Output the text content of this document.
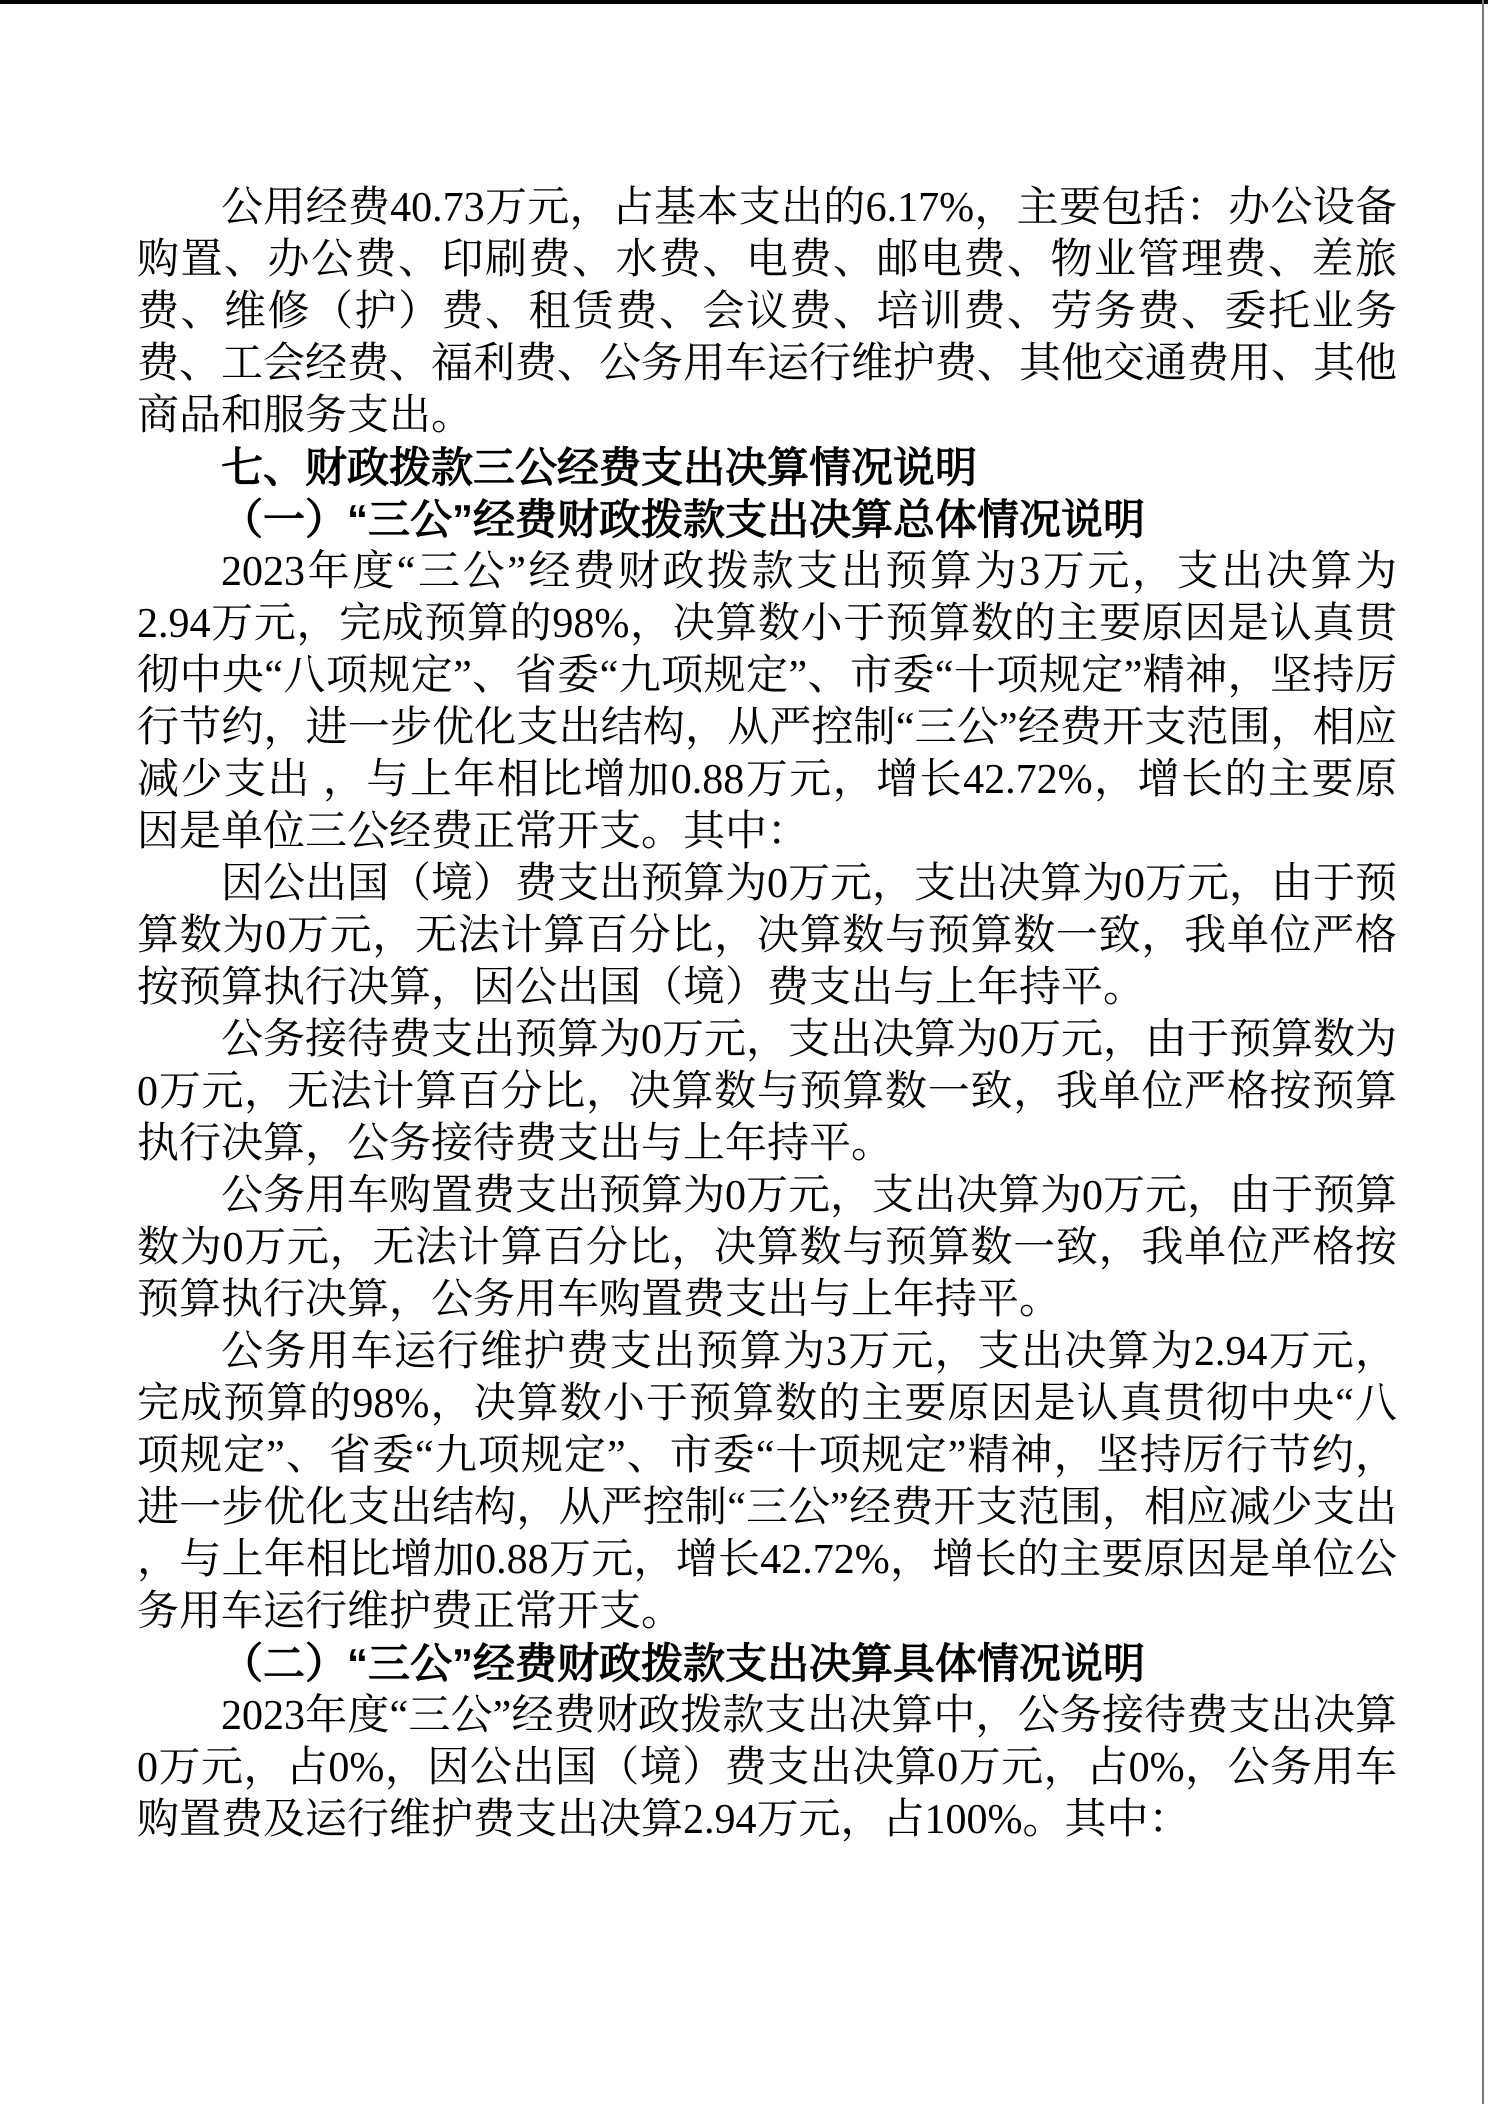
公用经费40.73万元，占基本支出的6.17%，主要包括：办公设备购置、办公费、印刷费、水费、电费、邮电费、物业管理费、差旅费、维修（护）费、租赁费、会议费、培训费、劳务费、委托业务费、工会经费、福利费、公务用车运行维护费、其他交通费用、其他商品和服务支出。

七、财政拨款三公经费支出决算情况说明

（一）“三公”经费财政拨款支出决算总体情况说明

2023年度“三公”经费财政拨款支出预算为3万元，支出决算为2.94万元，完成预算的98%，决算数小于预算数的主要原因是认真贯彻中央“八项规定”、省委“九项规定”、市委“十项规定”精神，坚持厉行节约，进一步优化支出结构，从严控制“三公”经费开支范围，相应减少支出 ，与上年相比增加0.88万元，增长42.72%，增长的主要原因是单位三公经费正常开支。其中：

因公出国（境）费支出预算为0万元，支出决算为0万元，由于预算数为0万元，无法计算百分比，决算数与预算数一致，我单位严格按预算执行决算，因公出国（境）费支出与上年持平。

公务接待费支出预算为0万元，支出决算为0万元，由于预算数为0万元，无法计算百分比，决算数与预算数一致，我单位严格按预算执行决算，公务接待费支出与上年持平。

公务用车购置费支出预算为0万元，支出决算为0万元，由于预算数为0万元，无法计算百分比，决算数与预算数一致，我单位严格按预算执行决算，公务用车购置费支出与上年持平。

公务用车运行维护费支出预算为3万元，支出决算为2.94万元，完成预算的98%，决算数小于预算数的主要原因是认真贯彻中央“八项规定”、省委“九项规定”、市委“十项规定”精神，坚持厉行节约，进一步优化支出结构，从严控制“三公”经费开支范围，相应减少支出 ，与上年相比增加0.88万元，增长42.72%，增长的主要原因是单位公务用车运行维护费正常开支。

（二）“三公”经费财政拨款支出决算具体情况说明

2023年度“三公”经费财政拨款支出决算中，公务接待费支出决算0万元，占0%，因公出国（境）费支出决算0万元，占0%，公务用车购置费及运行维护费支出决算2.94万元，占100%。其中：
